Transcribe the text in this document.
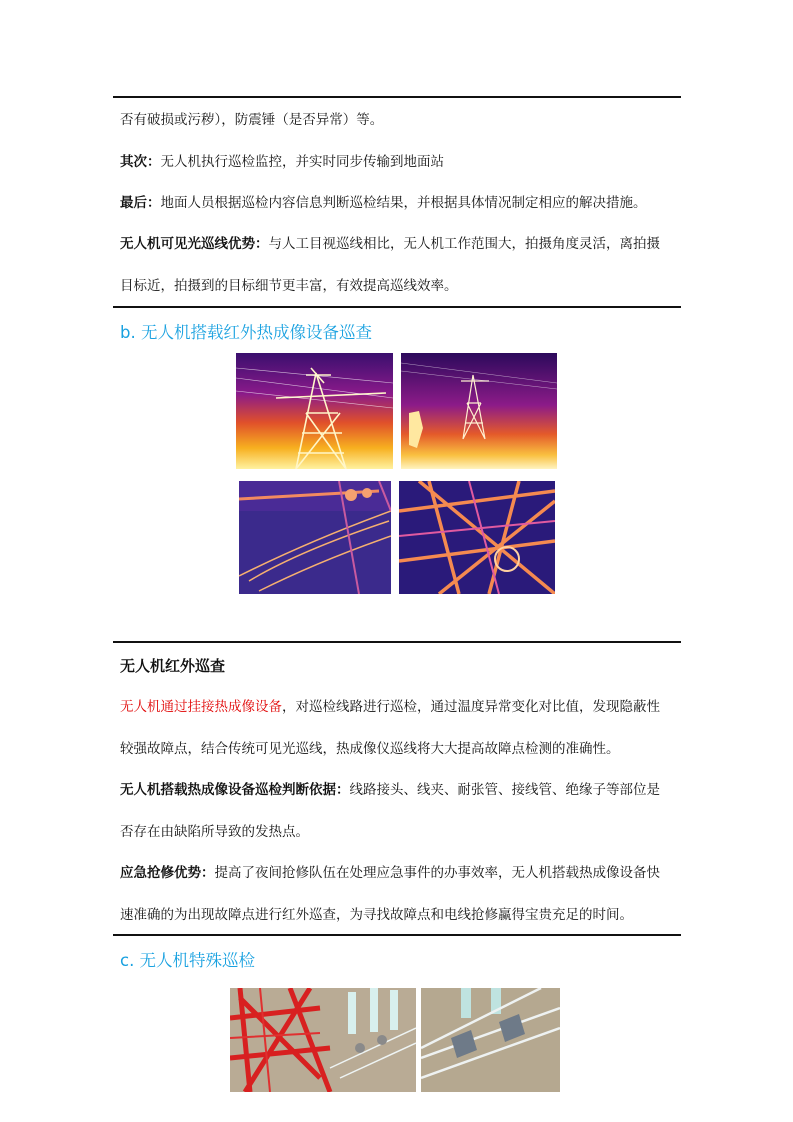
否有破损或污秽），防震锤（是否异常）等。
其次：无人机执行巡检监控，并实时同步传输到地面站
最后：地面人员根据巡检内容信息判断巡检结果，并根据具体情况制定相应的解决措施。
无人机可见光巡线优势：与人工目视巡线相比，无人机工作范围大，拍摄角度灵活，离拍摄
目标近，拍摄到的目标细节更丰富，有效提高巡线效率。
b. 无人机搭载红外热成像设备巡查
无人机红外巡查
无人机通过挂接热成像设备，对巡检线路进行巡检，通过温度异常变化对比值，发现隐蔽性
较强故障点，结合传统可见光巡线，热成像仪巡线将大大提高故障点检测的准确性。
无人机搭载热成像设备巡检判断依据：线路接头、线夹、耐张管、接线管、绝缘子等部位是
否存在由缺陷所导致的发热点。
应急抢修优势：提高了夜间抢修队伍在处理应急事件的办事效率，无人机搭载热成像设备快
速准确的为出现故障点进行红外巡查，为寻找故障点和电线抢修赢得宝贵充足的时间。
c. 无人机特殊巡检
